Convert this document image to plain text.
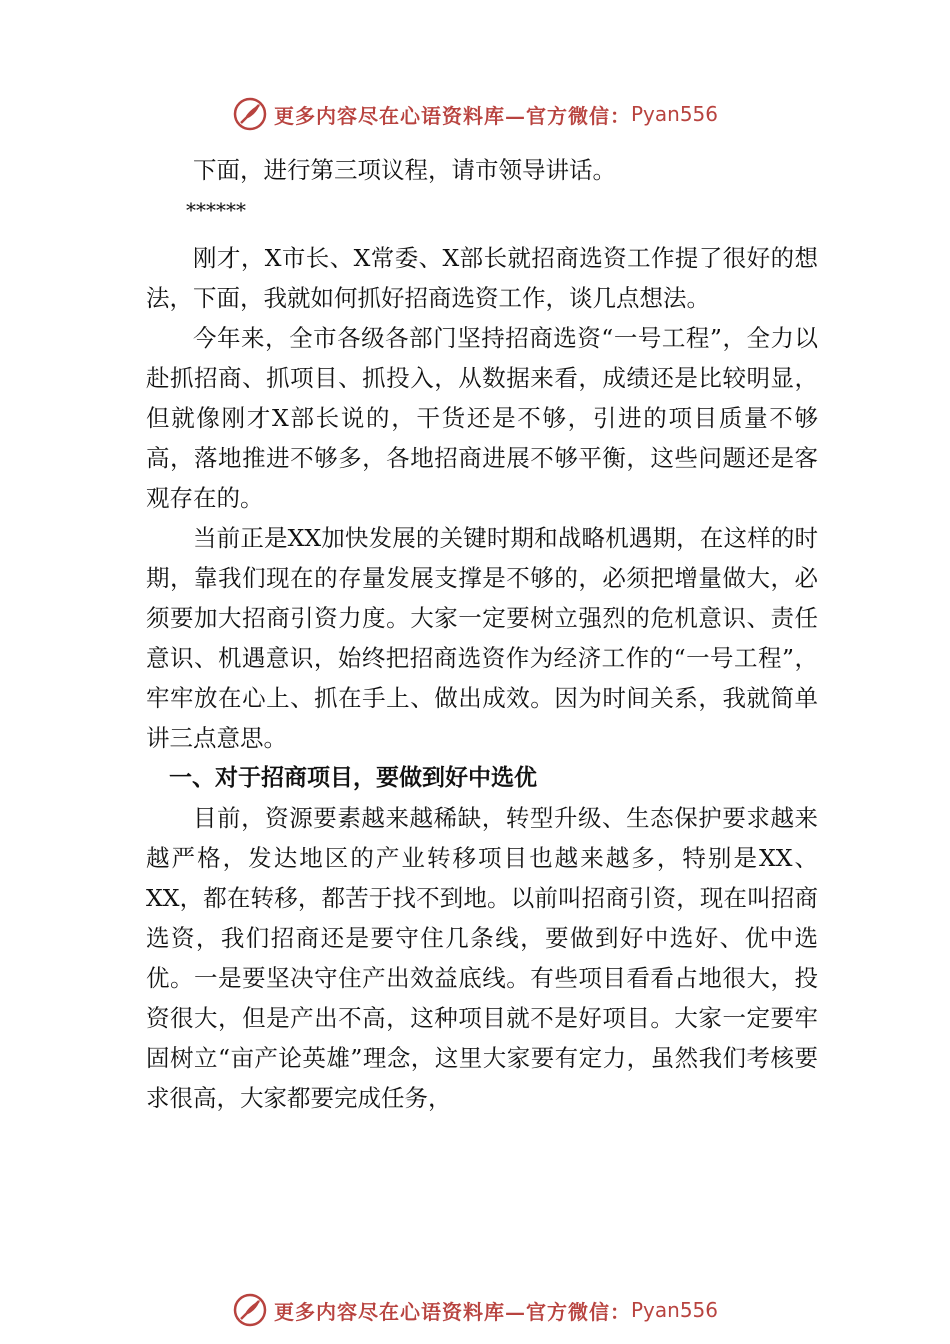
更多内容尽在心语资料库—官方微信： Pyan556

下面，进行第三项议程，请市领导讲话。

******

刚才，X市长、X常委、X部长就招商选资工作提了很好的想法，下面，我就如何抓好招商选资工作，谈几点想法。

今年来，全市各级各部门坚持招商选资“一号工程”，全力以赴抓招商、抓项目、抓投入，从数据来看，成绩还是比较明显，但就像刚才X部长说的，干货还是不够，引进的项目质量不够高，落地推进不够多，各地招商进展不够平衡，这些问题还是客观存在的。

当前正是XX加快发展的关键时期和战略机遇期，在这样的时期，靠我们现在的存量发展支撑是不够的，必须把增量做大，必须要加大招商引资力度。大家一定要树立强烈的危机意识、责任意识、机遇意识，始终把招商选资作为经济工作的“一号工程”，牢牢放在心上、抓在手上、做出成效。因为时间关系，我就简单讲三点意思。

一、对于招商项目，要做到好中选优

目前，资源要素越来越稀缺，转型升级、生态保护要求越来越严格，发达地区的产业转移项目也越来越多，特别是XX、XX，都在转移，都苦于找不到地。以前叫招商引资，现在叫招商选资，我们招商还是要守住几条线，要做到好中选好、优中选优。一是要坚决守住产出效益底线。有些项目看看占地很大，投资很大，但是产出不高，这种项目就不是好项目。大家一定要牢固树立“亩产论英雄”理念，这里大家要有定力，虽然我们考核要求很高，大家都要完成任务，

更多内容尽在心语资料库—官方微信： Pyan556
